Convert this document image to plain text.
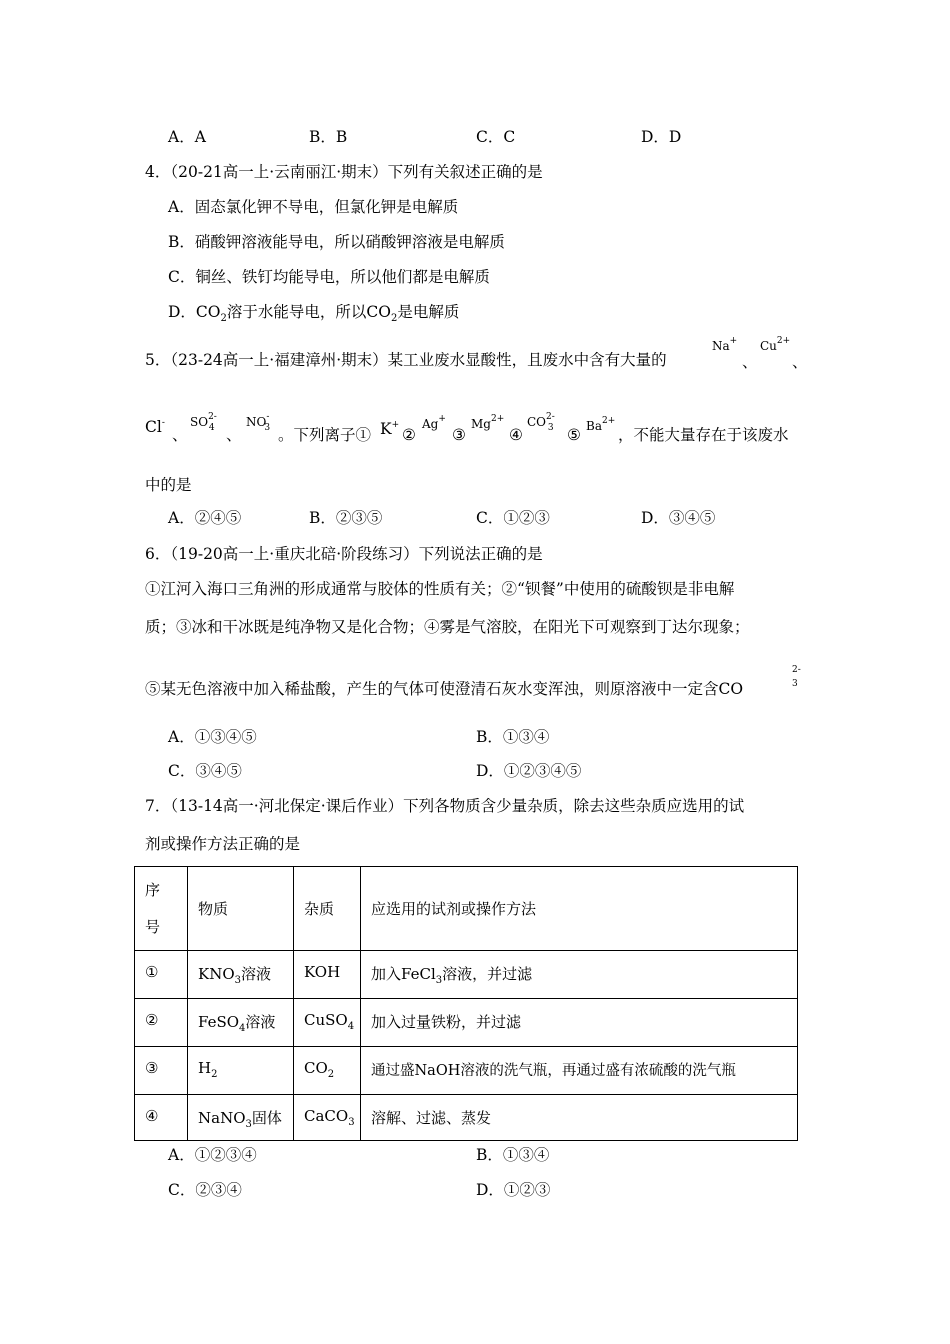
A．A	B．B	C．C	D．D
4．（20-21高一上·云南丽江·期末）下列有关叙述正确的是
A．固态氯化钾不导电，但氯化钾是电解质
B．硝酸钾溶液能导电，所以硝酸钾溶液是电解质
C．铜丝、铁钉均能导电，所以他们都是电解质
D．$CO_2$溶于水能导电，所以$CO_2$是电解质
5．（23-24高一上·福建漳州·期末）某工业废水显酸性，且废水中含有大量的
Na+
、
$Cu^{2+}$
、
Cl-
、
$SO^{2-}_4$ 、
$NO^-_3$ 。下列离子① K+
②
Ag+
③
$Mg^{2+}$
④
$CO^{2-}_3$ ⑤ $Ba^{2+}$
，不能大量存在于该废水
中的是
A．②④⑤	B．②③⑤	C．①②③	D．③④⑤
6．（19-20高一上·重庆北碚·阶段练习）下列说法正确的是
①江河入海口三角洲的形成通常与胶体的性质有关；②“钡餐”中使用的硫酸钡是非电解
质；③冰和干冰既是纯净物又是化合物；④雾是气溶胶，在阳光下可观察到丁达尔现象；
⑤某无色溶液中加入稀盐酸，产生的气体可使澄清石灰水变浑浊，则原溶液中一定含CO
2-
3
A．①③④⑤	B．①③④
C．③④⑤	D．①②③④⑤
7．（13-14高一·河北保定·课后作业）下列各物质含少量杂质，除去这些杂质应选用的试
剂或操作方法正确的是
序
号	物质	杂质	应选用的试剂或操作方法
①	$KNO_3$溶液	KOH	加入FeCl$_3$溶液，并过滤
②	FeSO$_4$溶液	CuSO$_4$	加入过量铁粉，并过滤
③	$H_2$	$CO_2$	通过盛NaOH溶液的洗气瓶，再通过盛有浓硫酸的洗气瓶
④	NaNO$_3$固体	CaCO$_3$	溶解、过滤、蒸发
A．①②③④	B．①③④
C．②③④	D．①②③
